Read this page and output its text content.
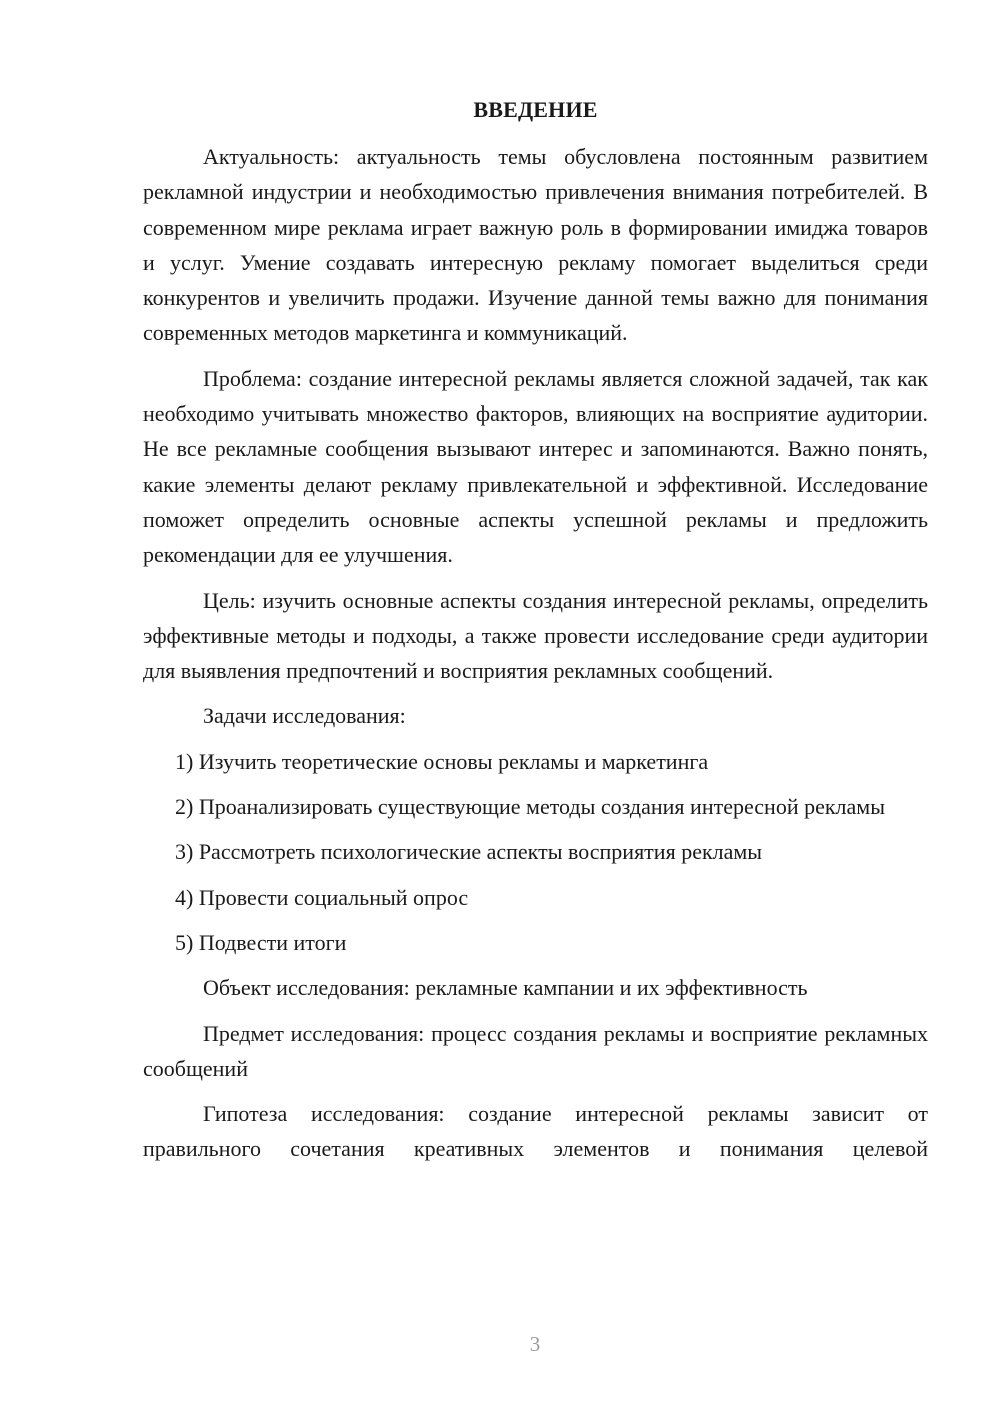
ВВЕДЕНИЕ

Актуальность: актуальность темы обусловлена постоянным развитием рекламной индустрии и необходимостью привлечения внимания потребителей. В современном мире реклама играет важную роль в формировании имиджа товаров и услуг. Умение создавать интересную рекламу помогает выделиться среди конкурентов и увеличить продажи. Изучение данной темы важно для понимания современных методов маркетинга и коммуникаций.

Проблема: создание интересной рекламы является сложной задачей, так как необходимо учитывать множество факторов, влияющих на восприятие аудитории. Не все рекламные сообщения вызывают интерес и запоминаются. Важно понять, какие элементы делают рекламу привлекательной и эффективной. Исследование поможет определить основные аспекты успешной рекламы и предложить рекомендации для ее улучшения.

Цель: изучить основные аспекты создания интересной рекламы, определить эффективные методы и подходы, а также провести исследование среди аудитории для выявления предпочтений и восприятия рекламных сообщений.

Задачи исследования:

1) Изучить теоретические основы рекламы и маркетинга

2) Проанализировать существующие методы создания интересной рекламы

3) Рассмотреть психологические аспекты восприятия рекламы

4) Провести социальный опрос

5) Подвести итоги

Объект исследования: рекламные кампании и их эффективность

Предмет исследования: процесс создания рекламы и восприятие рекламных сообщений

Гипотеза исследования: создание интересной рекламы зависит от правильного сочетания креативных элементов и понимания целевой

3
